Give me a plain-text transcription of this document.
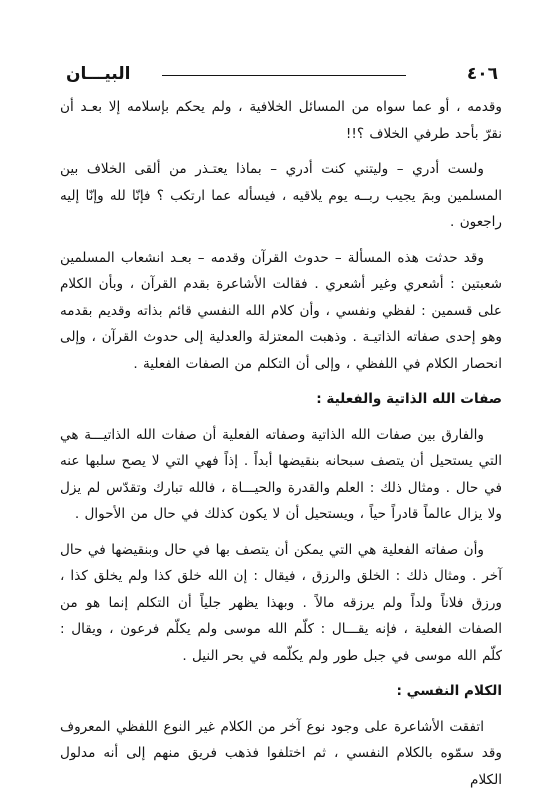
٤٠٦
البيـــان

وقدمه ، أو عما سواه من المسائل الخلافية ، ولم يحكم بإسلامه إلا بعـد أن نقرّ بأحد طرفي الخلاف ؟!!

ولست أدري – وليتني كنت أدري – بماذا يعتـذر من ألقى الخلاف بين المسلمين وبمَ يجيب ربــه يوم يلاقيه ، فيسأله عما ارتكب ؟ فإنّا لله وإنّا إليه راجعون .

وقد حدثت هذه المسألة – حدوث القرآن وقدمه – بعـد انشعاب المسلمين شعبتين : أشعري وغير أشعري . فقالت الأشاعرة بقدم القرآن ، وبأن الكلام على قسمين : لفظي ونفسي ، وأن كلام الله النفسي قائم بذاته وقديم بقدمه وهو إحدى صفاته الذاتيـة . وذهبت المعتزلة والعدلية إلى حدوث القرآن ، وإلى انحصار الكلام في اللفظي ، وإلى أن التكلم من الصفات الفعلية .

صفات الله الذاتية والفعلية :

والفارق بين صفات الله الذاتية وصفاته الفعلية أن صفات الله الذاتيـــة هي التي يستحيل أن يتصف سبحانه بنقيضها أبداً . إذاً فهي التي لا يصح سلبها عنه في حال . ومثال ذلك : العلم والقدرة والحيـــاة ، فالله تبارك وتقدّس لم يزل ولا يزال عالماً قادراً حياً ، ويستحيل أن لا يكون كذلك في حال من الأحوال .

وأن صفاته الفعلية هي التي يمكن أن يتصف بها في حال وبنقيضها في حال آخر . ومثال ذلك : الخلق والرزق ، فيقال : إن الله خلق كذا ولم يخلق كذا ، ورزق فلاناً ولداً ولم يرزقه مالاً . وبهذا يظهر جلياً أن التكلم إنما هو من الصفات الفعلية ، فإنه يقـــال : كلّم الله موسى ولم يكلّم فرعون ، ويقال : كلّم الله موسى في جبل طور ولم يكلّمه في بحر النيل .

الكلام النفسي :

اتفقت الأشاعرة على وجود نوع آخر من الكلام غير النوع اللفظي المعروف وقد سمّوه بالكلام النفسي ، ثم اختلفوا فذهب فريق منهم إلى أنه مدلول الكلام
